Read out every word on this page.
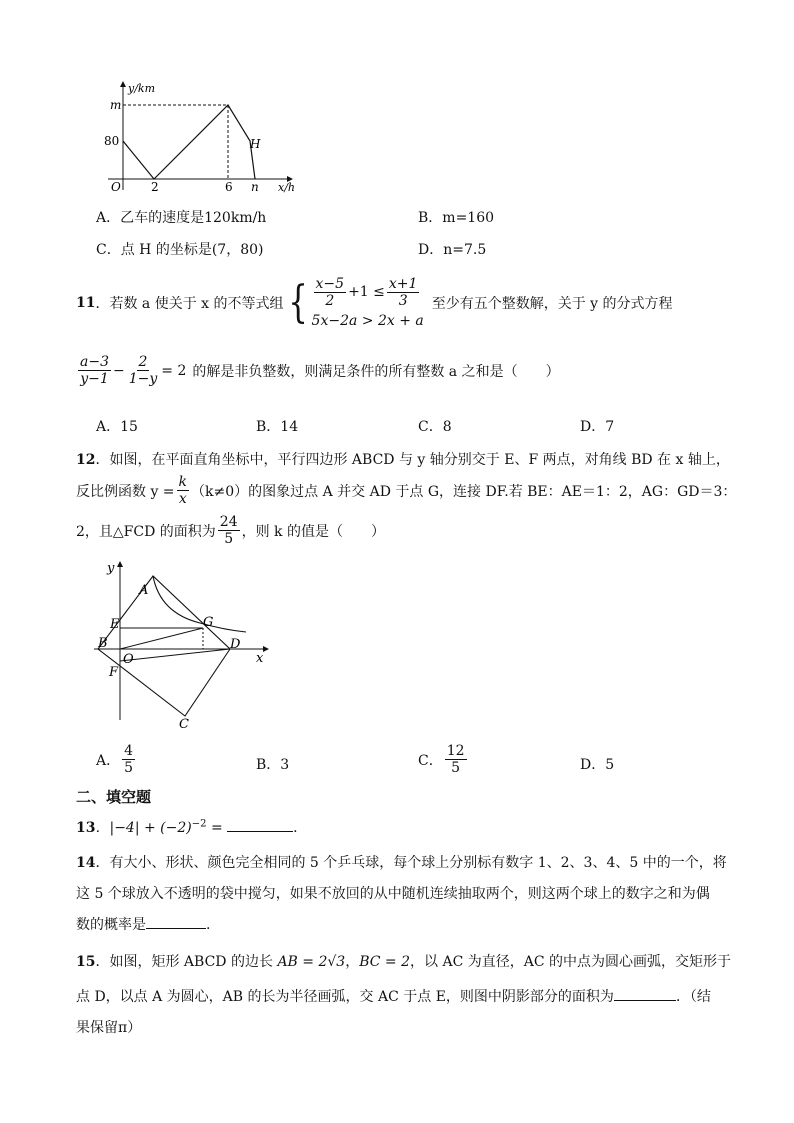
y/km
m
80
O	2	6 n
H
x/h
A．乙车的速度是120km/h	B．m=160
C．点 H 的坐标是(7，80)	D．n=7.5
11 ．若数 a 使关于 x 的不等式组 { $\frac{x-5}{2} +1 \le \frac{x+1}{3}$
5x−2a > 2x + a
至少有五个整数解，关于 y 的分式方程
$\frac{a-3}{y-1} - \frac{2}{1-y} = 2$ 的解是非负整数，则满足条件的所有整数 a 之和是（　　）
A．15	B．14	C．8	D．7
12．如图，在平面直角坐标中，平行四边形 ABCD 与 y 轴分别交于 E、F 两点，对角线 BD 在 x 轴上，
反比例函数 $y = \frac{k}{x} (k\ne 0)$的图象过点 A 并交 AD 于点 G，连接 DF.若 BE：AE＝1：2，AG：GD＝3：
2，且△FCD 的面积为 $\frac{24}{5}$ ，则 k 的值是（　　）
y
x
A
E	G
B
O
D
F
C
A． $\frac{4}{5}$	B．3	C． $\frac{12}{5}$	D．5
二、填空题
13．$|-4| + (-2)^{-2}$ =	.
14．有大小、形状、颜色完全相同的 5 个乒乓球，每个球上分别标有数字 1、2、3、4、5 中的一个，将
这 5 个球放入不透明的袋中搅匀，如果不放回的从中随机连续抽取两个，则这两个球上的数字之和为偶
数的概率是	.
15．如图，矩形 ABCD 的边长 AB = 2√3，BC = 2，以 AC 为直径，AC 的中点为圆心画弧，交矩形于
点 D，以点 A 为圆心，AB 的长为半径画弧，交 AC 于点 E，则图中阴影部分的面积为	．（结
果保留π）
